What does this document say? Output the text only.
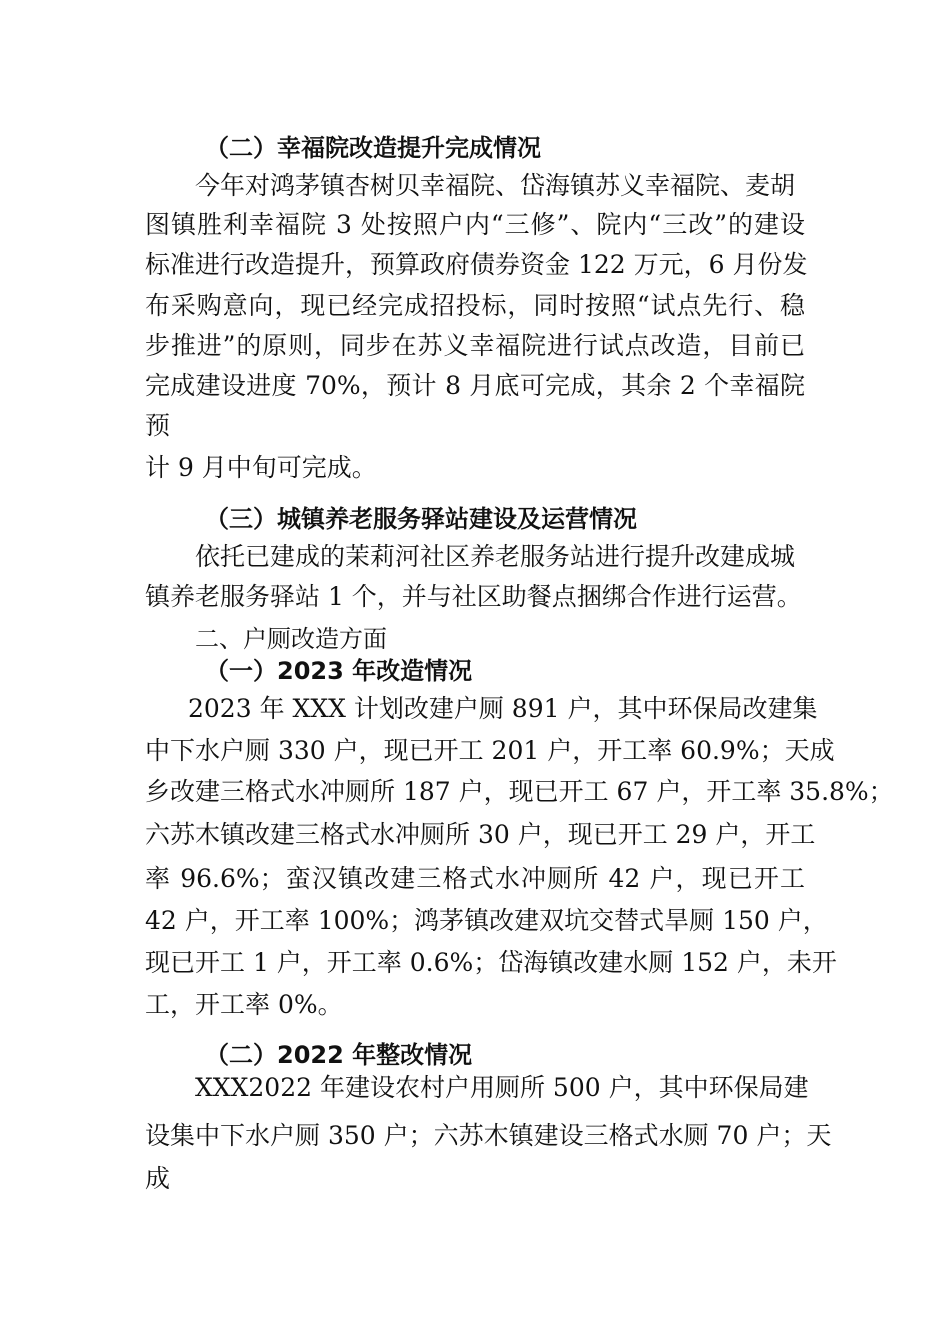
（二）幸福院改造提升完成情况
今年对鸿茅镇杏树贝幸福院、岱海镇苏义幸福院、麦胡
图镇胜利幸福院 3 处按照户内“三修”、院内“三改”的建设
标准进行改造提升，预算政府债券资金 122 万元，6 月份发
布采购意向，现已经完成招投标，同时按照“试点先行、稳
步推进”的原则，同步在苏义幸福院进行试点改造，目前已
完成建设进度 70%，预计 8 月底可完成，其余 2 个幸福院
预
计 9 月中旬可完成。
（三）城镇养老服务驿站建设及运营情况
依托已建成的茉莉河社区养老服务站进行提升改建成城
镇养老服务驿站 1 个，并与社区助餐点捆绑合作进行运营。
二、户厕改造方面
（一）2023 年改造情况
2023 年 XXX 计划改建户厕 891 户，其中环保局改建集
中下水户厕 330 户，现已开工 201 户，开工率 60.9%；天成
乡改建三格式水冲厕所 187 户，现已开工 67 户，开工率 35.8%；
六苏木镇改建三格式水冲厕所 30 户，现已开工 29 户，开工
率 96.6%；蛮汉镇改建三格式水冲厕所 42 户，现已开工
42 户，开工率 100%；鸿茅镇改建双坑交替式旱厕 150 户，
现已开工 1 户，开工率 0.6%；岱海镇改建水厕 152 户，未开
工，开工率 0%。
（二）2022 年整改情况
XXX2022 年建设农村户用厕所 500 户，其中环保局建
设集中下水户厕 350 户；六苏木镇建设三格式水厕 70 户；天
成
